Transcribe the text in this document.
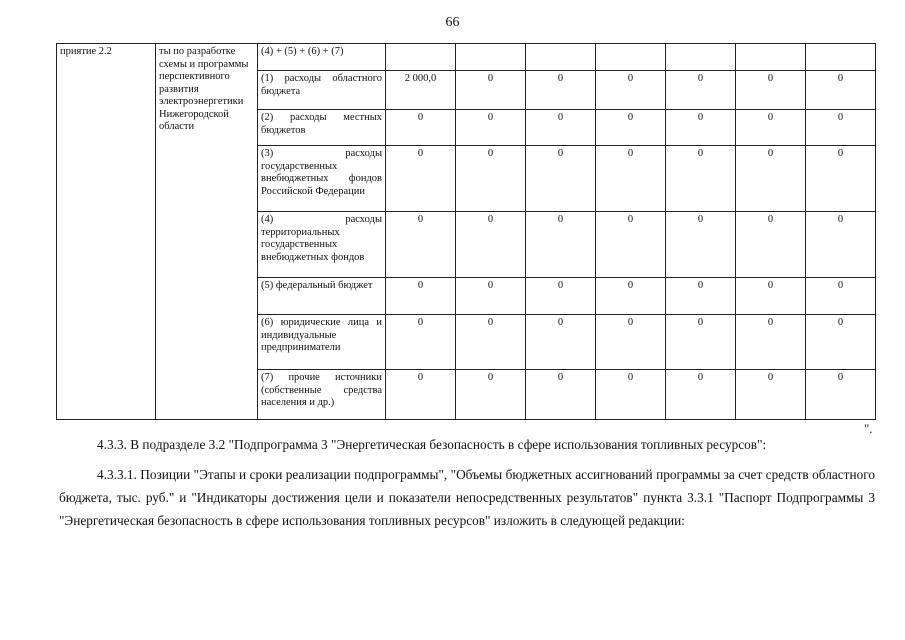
66
приятие 2.2	ты по разработке схемы и программы перспективного развития электроэнергетики Нижегородской области	(4) + (5) + (6) + (7)							
		(1) расходы областного бюджета	2 000,0	0	0	0	0	0	0
		(2) расходы местных бюджетов	0	0	0	0	0	0	0
		(3) расходы государственных внебюджетных фондов Российской Федерации	0	0	0	0	0	0	0
		(4) расходы территориальных государственных внебюджетных фондов	0	0	0	0	0	0	0
		(5) федеральный бюджет	0	0	0	0	0	0	0
		(6) юридические лица и индивидуальные предприниматели	0	0	0	0	0	0	0
		(7) прочие источники (собственные средства населения и др.)	0	0	0	0	0	0	0
".
4.3.3. В подразделе 3.2 "Подпрограмма 3 "Энергетическая безопасность в сфере использования топливных ресурсов":
4.3.3.1. Позиции "Этапы и сроки реализации подпрограммы", "Объемы бюджетных ассигнований программы за счет средств областного бюджета, тыс. руб." и "Индикаторы достижения цели и показатели непосредственных результатов" пункта 3.3.1 "Паспорт Подпрограммы 3 "Энергетическая безопасность в сфере использования топливных ресурсов" изложить в следующей редакции:
